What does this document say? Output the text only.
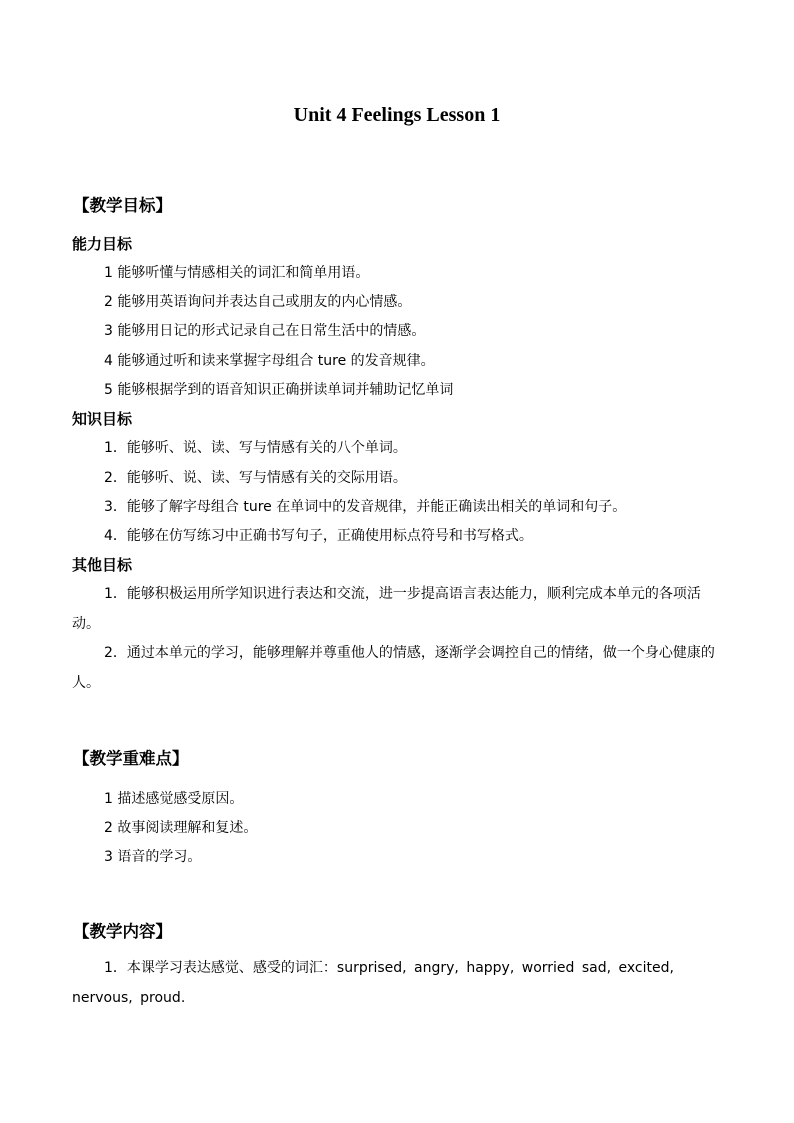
Unit 4 Feelings Lesson 1
【教学目标】
能力目标
1 能够听懂与情感相关的词汇和简单用语。
2 能够用英语询问并表达自己或朋友的内心情感。
3 能够用日记的形式记录自己在日常生活中的情感。
4 能够通过听和读来掌握字母组合 ture 的发音规律。
5 能够根据学到的语音知识正确拼读单词并辅助记忆单词
知识目标
1．能够听、说、读、写与情感有关的八个单词。
2．能够听、说、读、写与情感有关的交际用语。
3．能够了解字母组合 ture 在单词中的发音规律，并能正确读出相关的单词和句子。
4．能够在仿写练习中正确书写句子，正确使用标点符号和书写格式。
其他目标
1．能够积极运用所学知识进行表达和交流，进一步提高语言表达能力，顺利完成本单元的各项活动。
2．通过本单元的学习，能够理解并尊重他人的情感，逐渐学会调控自己的情绪，做一个身心健康的人。
【教学重难点】
1 描述感觉感受原因。
2 故事阅读理解和复述。
3 语音的学习。
【教学内容】
1．本课学习表达感觉、感受的词汇：surprised, angry, happy, worried sad, excited, nervous, proud.
